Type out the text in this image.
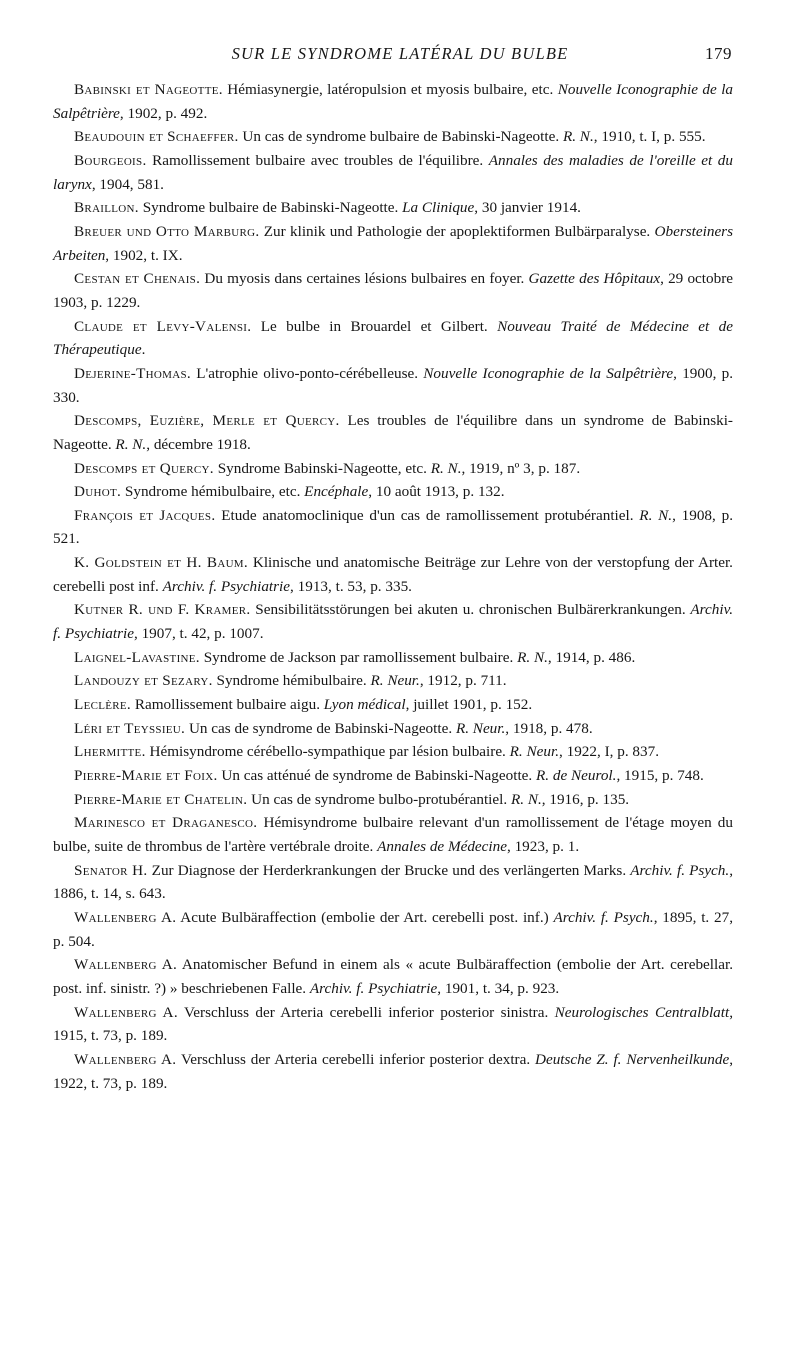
SUR LE SYNDROME LATÉRAL DU BULBE	179

Babinski et Nageotte. Hémiasynergie, latéropulsion et myosis bulbaire, etc. Nouvelle Iconographie de la Salpêtrière, 1902, p. 492.

Beaudouin et Schaeffer. Un cas de syndrome bulbaire de Babinski-Nageotte. R. N., 1910, t. I, p. 555.

Bourgeois. Ramollissement bulbaire avec troubles de l'équilibre. Annales des maladies de l'oreille et du larynx, 1904, 581.

Braillon. Syndrome bulbaire de Babinski-Nageotte. La Clinique, 30 janvier 1914.

Breuer und Otto Marburg. Zur klinik und Pathologie der apoplektiformen Bulbärparalyse. Obersteiners Arbeiten, 1902, t. IX.

Cestan et Chenais. Du myosis dans certaines lésions bulbaires en foyer. Gazette des Hôpitaux, 29 octobre 1903, p. 1229.

Claude et Levy-Valensi. Le bulbe in Brouardel et Gilbert. Nouveau Traité de Médecine et de Thérapeutique.

Dejerine-Thomas. L'atrophie olivo-ponto-cérébelleuse. Nouvelle Iconographie de la Salpêtrière, 1900, p. 330.

Descomps, Euzière, Merle et Quercy. Les troubles de l'équilibre dans un syndrome de Babinski-Nageotte. R. N., décembre 1918.

Descomps et Quercy. Syndrome Babinski-Nageotte, etc. R. N., 1919, nº 3, p. 187.

Duhot. Syndrome hémibulbaire, etc. Encéphale, 10 août 1913, p. 132.

François et Jacques. Etude anatomoclinique d'un cas de ramollissement protubérantiel. R. N., 1908, p. 521.

K. Goldstein et H. Baum. Klinische und anatomische Beiträge zur Lehre von der verstopfung der Arter. cerebelli post inf. Archiv. f. Psychiatrie, 1913, t. 53, p. 335.

Kutner R. und F. Kramer. Sensibilitätsstörungen bei akuten u. chronischen Bulbärerkrankungen. Archiv. f. Psychiatrie, 1907, t. 42, p. 1007.

Laignel-Lavastine. Syndrome de Jackson par ramollissement bulbaire. R. N., 1914, p. 486.

Landouzy et Sezary. Syndrome hémibulbaire. R. Neur., 1912, p. 711.

Leclère. Ramollissement bulbaire aigu. Lyon médical, juillet 1901, p. 152.

Léri et Teyssieu. Un cas de syndrome de Babinski-Nageotte. R. Neur., 1918, p. 478.

Lhermitte. Hémisyndrome cérébello-sympathique par lésion bulbaire. R. Neur., 1922, I, p. 837.

Pierre-Marie et Foix. Un cas atténué de syndrome de Babinski-Nageotte. R. de Neurol., 1915, p. 748.

Pierre-Marie et Chatelin. Un cas de syndrome bulbo-protubérantiel. R. N., 1916, p. 135.

Marinesco et Draganesco. Hémisyndrome bulbaire relevant d'un ramollissement de l'étage moyen du bulbe, suite de thrombus de l'artère vertébrale droite. Annales de Médecine, 1923, p. 1.

Senator H. Zur Diagnose der Herderkrankungen der Brucke und des verlängerten Marks. Archiv. f. Psych., 1886, t. 14, s. 643.

Wallenberg A. Acute Bulbäraffection (embolie der Art. cerebelli post. inf.) Archiv. f. Psych., 1895, t. 27, p. 504.

Wallenberg A. Anatomischer Befund in einem als « acute Bulbäraffection (embolie der Art. cerebellar. post. inf. sinistr. ?) » beschriebenen Falle. Archiv. f. Psychiatrie, 1901, t. 34, p. 923.

Wallenberg A. Verschluss der Arteria cerebelli inferior posterior sinistra. Neurologisches Centralblatt, 1915, t. 73, p. 189.

Wallenberg A. Verschluss der Arteria cerebelli inferior posterior dextra. Deutsche Z. f. Nervenheilkunde, 1922, t. 73, p. 189.
